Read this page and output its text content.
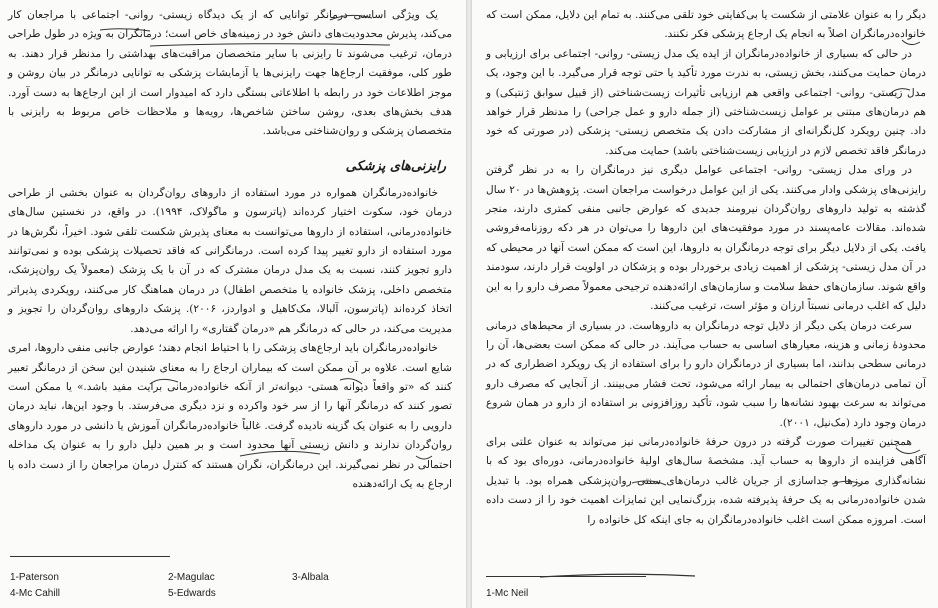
یک ویژگی اساسی درمانگر توانایی که از یک دیدگاه زیستی- روانی- اجتماعی با مراجعان کار می‌کند، پذیرش محدودیت‌های دانش خود در زمینه‌های خاص است؛ درمانگران به ویژه در طول طراحی درمان، ترغیب می‌شوند تا رایزنی با سایر متخصصان مراقبت‌های بهداشتی را مدنظر قرار دهند. به طور کلی، موفقیت ارجاع‌ها جهت رایزنی‌ها یا آزمایشات پزشکی به توانایی درمانگر در بیان روشن و موجز اطلاعات خود در رابطه با اطلاعاتی بستگی دارد که امیدوار است از این ارجاع‌ها به دست آورد. هدف بخش‌های بعدی، روشن ساختن شاخص‌ها، رویه‌ها و ملاحظات خاص مربوط به رایزنی با متخصصان پزشکی و روان‌شناختی می‌باشد.

رایزنی‌های پزشکی

خانواده‌درمانگران همواره در مورد استفاده از داروهای روان‌گردان به عنوان بخشی از طراحی درمان خود، سکوت اختیار کرده‌اند (پاترسون و ماگولاک، ۱۹۹۴). در واقع، در نخستین سال‌های خانواده‌درمانی، استفاده از داروها می‌توانست به معنای پذیرش شکست تلقی شود. اخیراً، نگرش‌ها در مورد استفاده از دارو تغییر پیدا کرده است. درمانگرانی که فاقد تحصیلات پزشکی بوده و نمی‌توانند دارو تجویز کنند، نسبت به یک مدل درمان مشترک که در آن با یک پزشک (معمولاً یک روان‌پزشک، متخصص داخلی، پزشک خانواده یا متخصص اطفال) در درمان هماهنگ کار می‌کنند، رویکردی پذیراتر اتخاذ کرده‌اند (پاترسون، آلبالا، مک‌کاهیل و ادواردز، ۲۰۰۶). پزشک داروهای روان‌گردان را تجویز و مدیریت می‌کند، در حالی که درمانگر هم «درمان گفتاری» را ارائه می‌دهد.

خانواده‌درمانگران باید ارجاع‌های پزشکی را با احتیاط انجام دهند؛ عوارض جانبی منفی داروها، امری شایع است. علاوه بر آن ممکن است که بیماران ارجاع را به معنای شنیدن این سخن از درمانگر تعبیر کنند که «تو واقعاً دیوانه هستی- دیوانه‌تر از آنکه خانواده‌درمانی برایت مفید باشد.» یا ممکن است تصور کنند که درمانگر آنها را از سر خود واکرده و نزد دیگری می‌فرستد. با وجود این‌ها، نباید درمان دارویی را به عنوان یک گزینه نادیده گرفت. غالباً خانواده‌درمانگران آموزش یا دانشی در مورد داروهای روان‌گردان ندارند و دانش زیستی آنها محدود است و بر همین دلیل دارو را به عنوان یک مداخله احتمالی در نظر نمی‌گیرند. این درمانگران، نگران هستند که کنترل درمان مراجعان را از دست داده یا ارجاع به یک ارائه‌دهنده

دیگر را به عنوان علامتی از شکست یا بی‌کفایتی خود تلقی می‌کنند. به تمام این دلایل، ممکن است که خانواده‌درمانگران اصلاً به انجام یک ارجاع پزشکی فکر نکنند.

در حالی که بسیاری از خانواده‌درمانگران از ایده یک مدل زیستی- روانی- اجتماعی برای ارزیابی و درمان حمایت می‌کنند، بخش زیستی، به ندرت مورد تأکید یا حتی توجه قرار می‌گیرد. با این وجود، یک مدل زیستی- روانی- اجتماعی واقعی هم ارزیابی تأثیرات زیست‌شناختی (از قبیل سوابق ژنتیکی) و هم درمان‌های مبتنی بر عوامل زیست‌شناختی (از جمله دارو و عمل جراحی) را مدنظر قرار خواهد داد. چنین رویکرد کل‌نگرانه‌ای از مشارکت دادن یک متخصص زیستی- پزشکی (در صورتی که خود درمانگر فاقد تخصص لازم در ارزیابی زیست‌شناختی باشد) حمایت می‌کند.

در ورای مدل زیستی- روانی- اجتماعی عوامل دیگری نیز درمانگران را به در نظر گرفتن رایزنی‌های پزشکی وادار می‌کنند. یکی از این عوامل درخواست مراجعان است. پژوهش‌ها در ۲۰ سال گذشته به تولید داروهای روان‌گردان نیرومند جدیدی که عوارض جانبی منفی کمتری دارند، منجر شده‌اند. مقالات عامه‌پسند در مورد موفقیت‌های این داروها را می‌توان در هر دکه روزنامه‌فروشی یافت. یکی از دلایل دیگر برای توجه درمانگران به داروها، این است که ممکن است آنها در محیطی که در آن مدل زیستی- پزشکی از اهمیت زیادی برخوردار بوده و پزشکان در اولویت قرار دارند، سودمند واقع شوند. سازمان‌های حفظ سلامت و سازمان‌های ارائه‌دهنده ترجیحی معمولاً مصرف دارو را به این دلیل که اغلب درمانی نسبتاً ارزان و مؤثر است، ترغیب می‌کنند.

سرعت درمان یکی دیگر از دلایل توجه درمانگران به داروهاست. در بسیاری از محیط‌های درمانی محدودهٔ زمانی و هزینه، معیارهای اساسی به حساب می‌آیند. در حالی که ممکن است بعضی‌ها، آن را درمانی سطحی بدانند، اما بسیاری از درمانگران دارو را برای استفاده از یک رویکرد اضطراری که در آن تمامی درمان‌های احتمالی به بیمار ارائه می‌شود، تحت فشار می‌بینند. از آنجایی که مصرف دارو می‌تواند به سرعت بهبود نشانه‌ها را سبب شود، تأکید روزافزونی بر استفاده از دارو در همان شروع درمان وجود دارد (مک‌نیل، ۲۰۰۱).

همچنین تغییرات صورت گرفته در درون حرفهٔ خانواده‌درمانی نیز می‌تواند به عنوان علتی برای آگاهی فزاینده از داروها به حساب آید. مشخصهٔ سال‌های اولیهٔ خانواده‌درمانی، دوره‌ای بود که با نشانه‌گذاری مرزها و جداسازی از جریان غالب درمان‌های سنتی روان‌پزشکی همراه بود. با تبدیل شدن خانواده‌درمانی به یک حرفهٔ پذیرفته شده، بزرگ‌نمایی این تمایزات اهمیت خود را از دست داده است. امروزه ممکن است اغلب خانواده‌درمانگران به جای اینکه کل خانواده را

1-Paterson
4-Mc Cahill
2-Magulac
5-Edwards
3-Albala
1-Mc Neil
